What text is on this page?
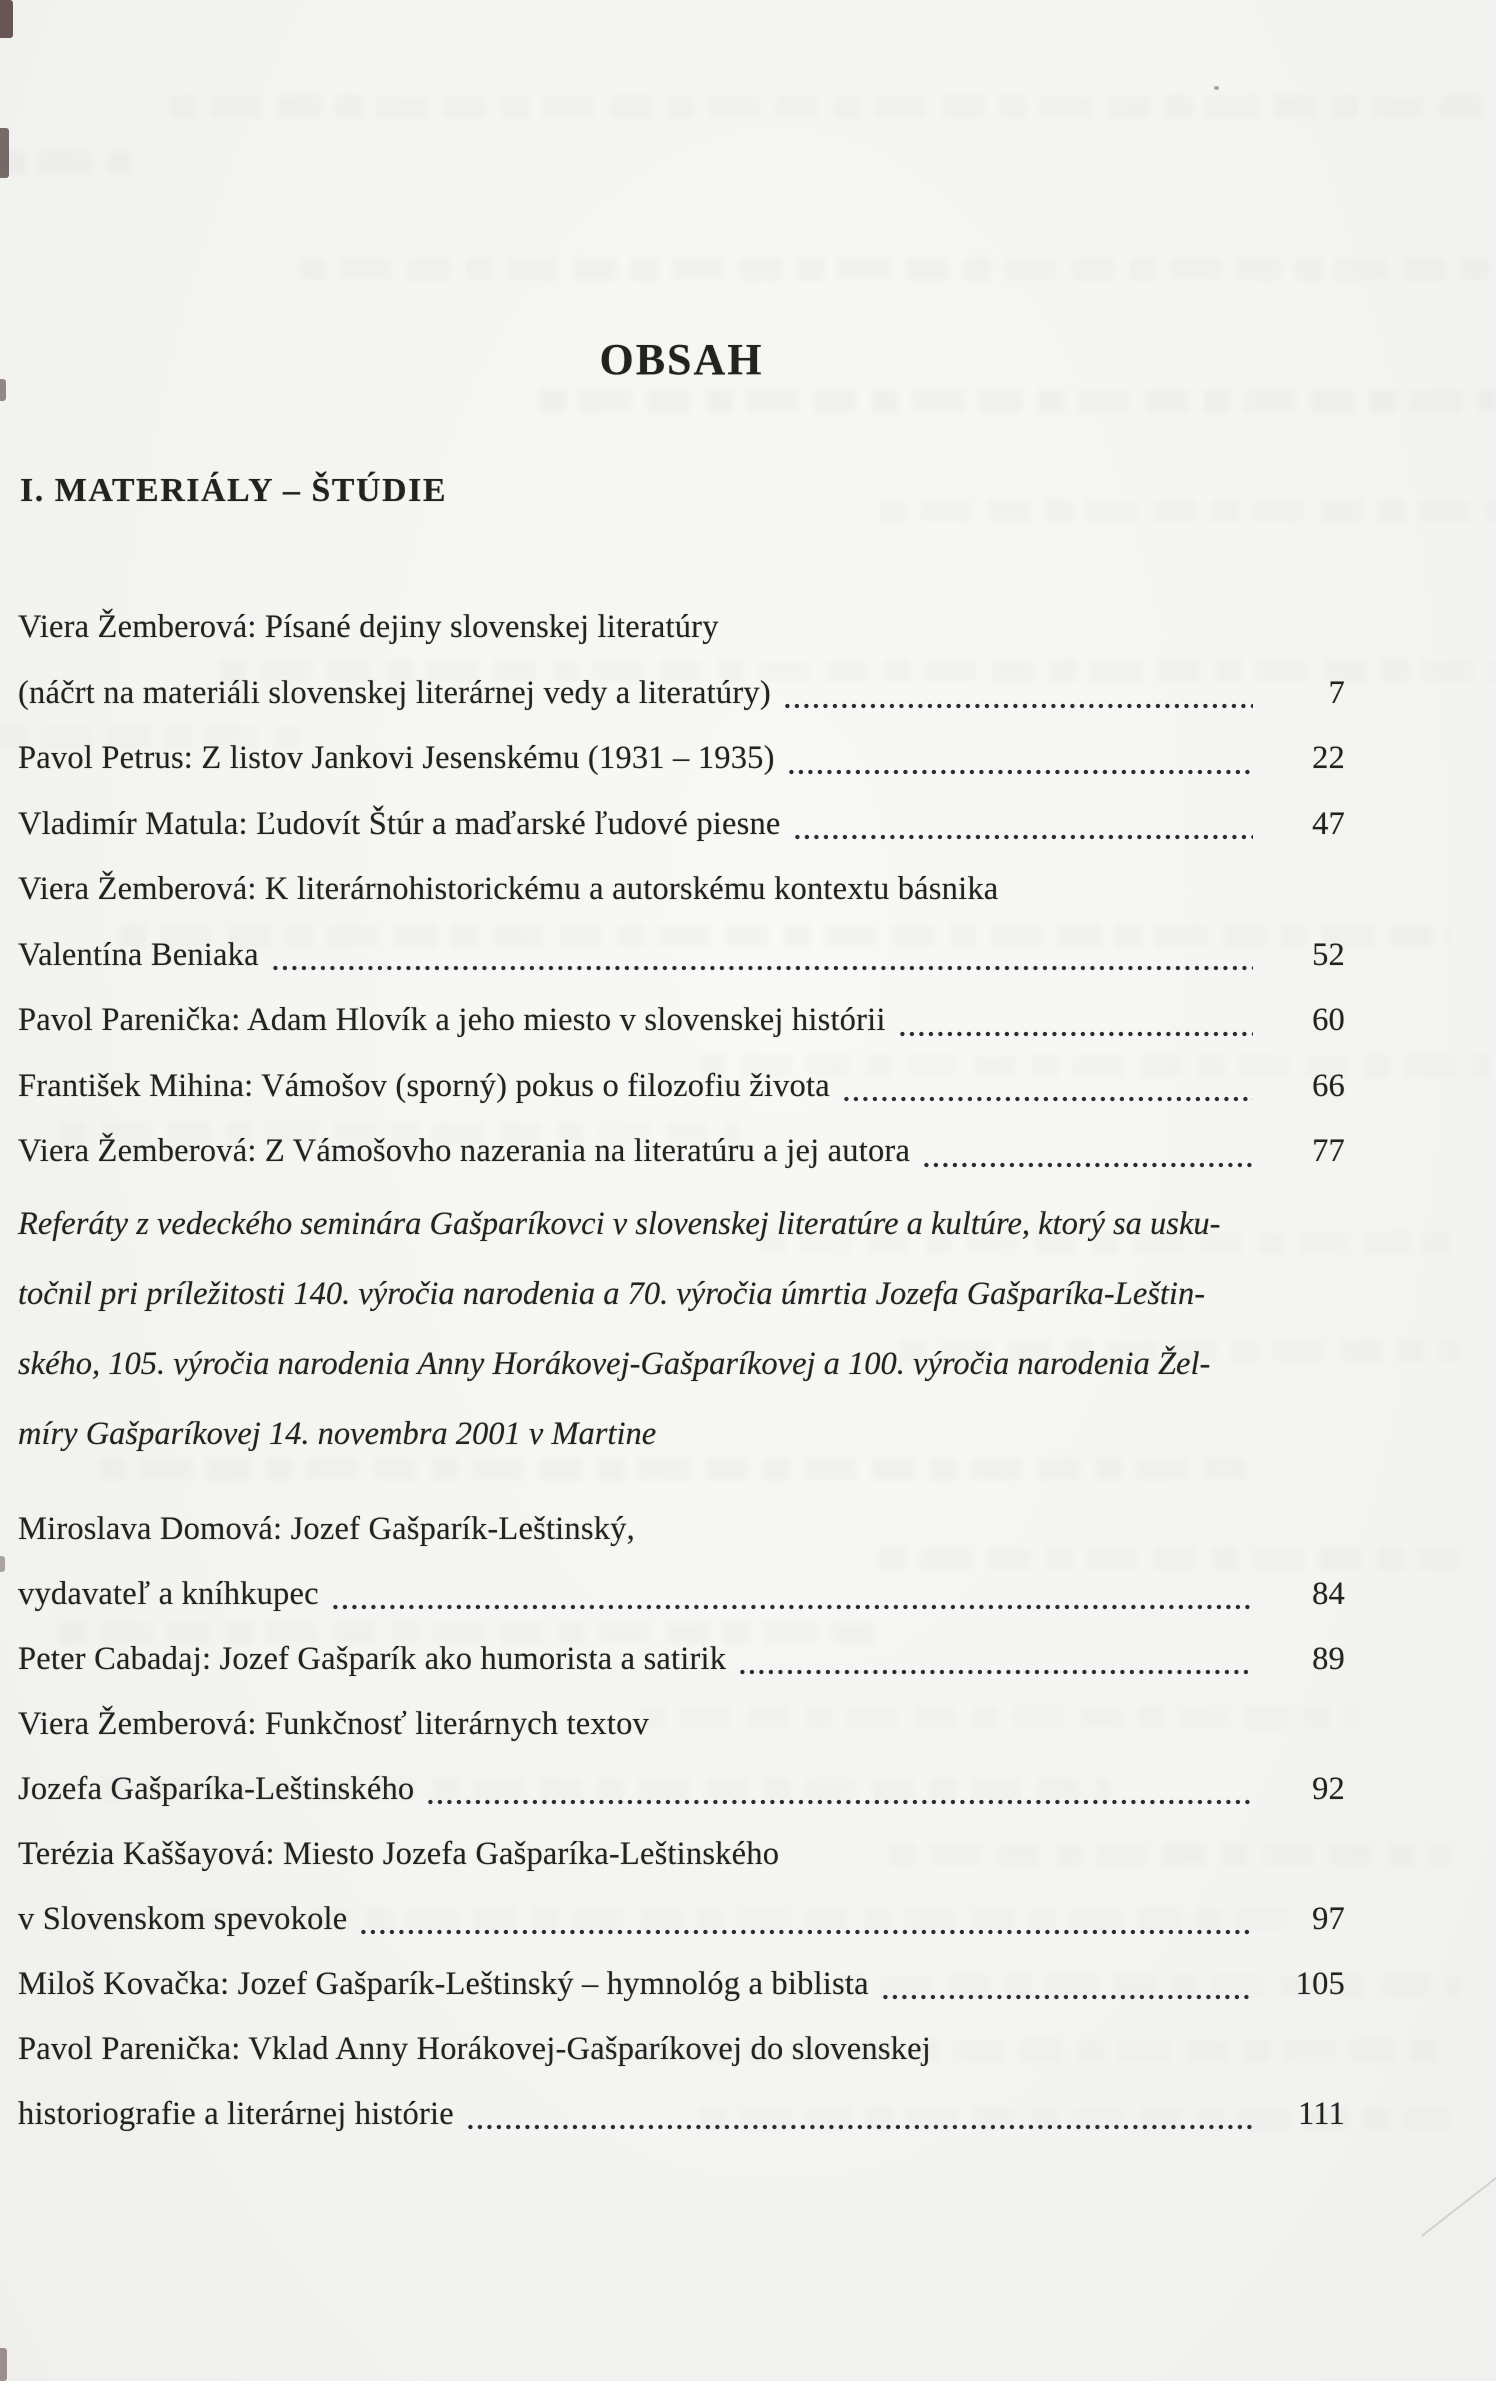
OBSAH
I. MATERIÁLY – ŠTÚDIE
Viera Žemberová: Písané dejiny slovenskej literatúry
(náčrt na materiáli slovenskej literárnej vedy a literatúry)	7
Pavol Petrus: Z listov Jankovi Jesenskému (1931 – 1935)	22
Vladimír Matula: Ľudovít Štúr a maďarské ľudové piesne	47
Viera Žemberová: K literárnohistorickému a autorskému kontextu básnika
Valentína Beniaka	52
Pavol Parenička: Adam Hlovík a jeho miesto v slovenskej histórii	60
František Mihina: Vámošov (sporný) pokus o filozofiu života	66
Viera Žemberová: Z Vámošovho nazerania na literatúru a jej autora	77
Referáty z vedeckého seminára Gašparíkovci v slovenskej literatúre a kultúre, ktorý sa usku-
točnil pri príležitosti 140. výročia narodenia a 70. výročia úmrtia Jozefa Gašparíka-Leštin-
ského, 105. výročia narodenia Anny Horákovej-Gašparíkovej a 100. výročia narodenia Žel-
míry Gašparíkovej 14. novembra 2001 v Martine
Miroslava Domová: Jozef Gašparík-Leštinský,
vydavateľ a kníhkupec	84
Peter Cabadaj: Jozef Gašparík ako humorista a satirik	89
Viera Žemberová: Funkčnosť literárnych textov
Jozefa Gašparíka-Leštinského	92
Terézia Kaššayová: Miesto Jozefa Gašparíka-Leštinského
v Slovenskom spevokole	97
Miloš Kovačka: Jozef Gašparík-Leštinský – hymnológ a biblista	105
Pavol Parenička: Vklad Anny Horákovej-Gašparíkovej do slovenskej
historiografie a literárnej histórie	111
